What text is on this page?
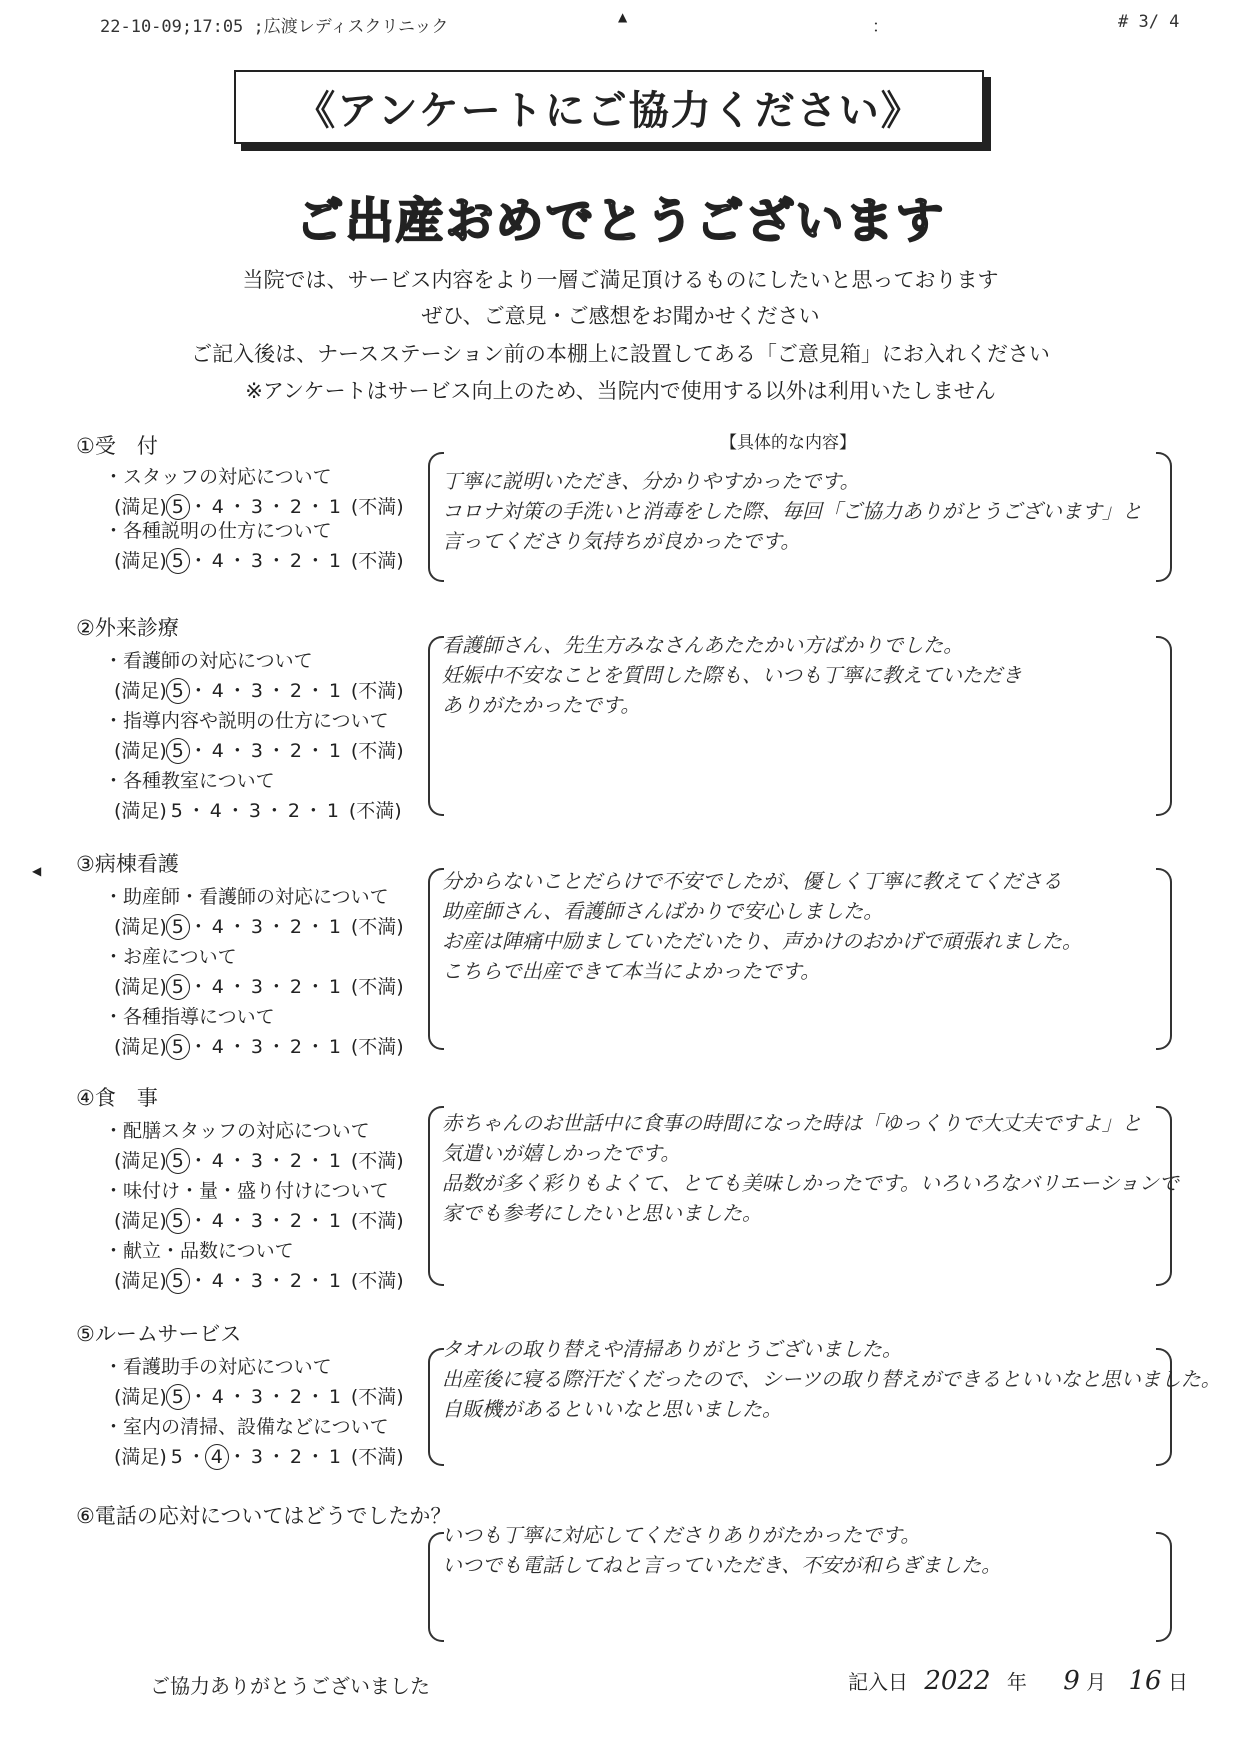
22-10-09;17:05 ;広渡レディスクリニック	▲	：	# 3/ 4
◀
《アンケートにご協力ください》
ご出産おめでとうございます
当院では、サービス内容をより一層ご満足頂けるものにしたいと思っております
ぜひ、ご意見・ご感想をお聞かせください
ご記入後は、ナースステーション前の本棚上に設置してある「ご意見箱」にお入れください
※アンケートはサービス向上のため、当院内で使用する以外は利用いたしません
【具体的な内容】
①受　付
・スタッフの対応について
(満足) 5 ・ 4 ・ 3 ・ 2 ・ 1 (不満)
・各種説明の仕方について
(満足) 5 ・ 4 ・ 3 ・ 2 ・ 1 (不満)
丁寧に説明いただき、分かりやすかったです。
コロナ対策の手洗いと消毒をした際、毎回「ご協力ありがとうございます」と
言ってくださり気持ちが良かったです。
②外来診療
・看護師の対応について
(満足) 5 ・ 4 ・ 3 ・ 2 ・ 1 (不満)
・指導内容や説明の仕方について
(満足) 5 ・ 4 ・ 3 ・ 2 ・ 1 (不満)
・各種教室について
(満足) 5 ・ 4 ・ 3 ・ 2 ・ 1 (不満)
看護師さん、先生方みなさんあたたかい方ばかりでした。
妊娠中不安なことを質問した際も、いつも丁寧に教えていただき
ありがたかったです。
③病棟看護
・助産師・看護師の対応について
(満足) 5 ・ 4 ・ 3 ・ 2 ・ 1 (不満)
・お産について
(満足) 5 ・ 4 ・ 3 ・ 2 ・ 1 (不満)
・各種指導について
(満足) 5 ・ 4 ・ 3 ・ 2 ・ 1 (不満)
分からないことだらけで不安でしたが、優しく丁寧に教えてくださる
助産師さん、看護師さんばかりで安心しました。
お産は陣痛中励ましていただいたり、声かけのおかげで頑張れました。
こちらで出産できて本当によかったです。
④食　事
・配膳スタッフの対応について
(満足) 5 ・ 4 ・ 3 ・ 2 ・ 1 (不満)
・味付け・量・盛り付けについて
(満足) 5 ・ 4 ・ 3 ・ 2 ・ 1 (不満)
・献立・品数について
(満足) 5 ・ 4 ・ 3 ・ 2 ・ 1 (不満)
赤ちゃんのお世話中に食事の時間になった時は「ゆっくりで大丈夫ですよ」と
気遣いが嬉しかったです。
品数が多く彩りもよくて、とても美味しかったです。いろいろなバリエーションで
家でも参考にしたいと思いました。
⑤ルームサービス
・看護助手の対応について
(満足) 5 ・ 4 ・ 3 ・ 2 ・ 1 (不満)
・室内の清掃、設備などについて
(満足) 5 ・ 4 ・ 3 ・ 2 ・ 1 (不満)
タオルの取り替えや清掃ありがとうございました。
出産後に寝る際汗だくだったので、シーツの取り替えができるといいなと思いました。
自販機があるといいなと思いました。
⑥電話の応対についてはどうでしたか？
いつも丁寧に対応してくださりありがたかったです。
いつでも電話してねと言っていただき、不安が和らぎました。
ご協力ありがとうございました	記入日 2022 年 9 月 16 日
